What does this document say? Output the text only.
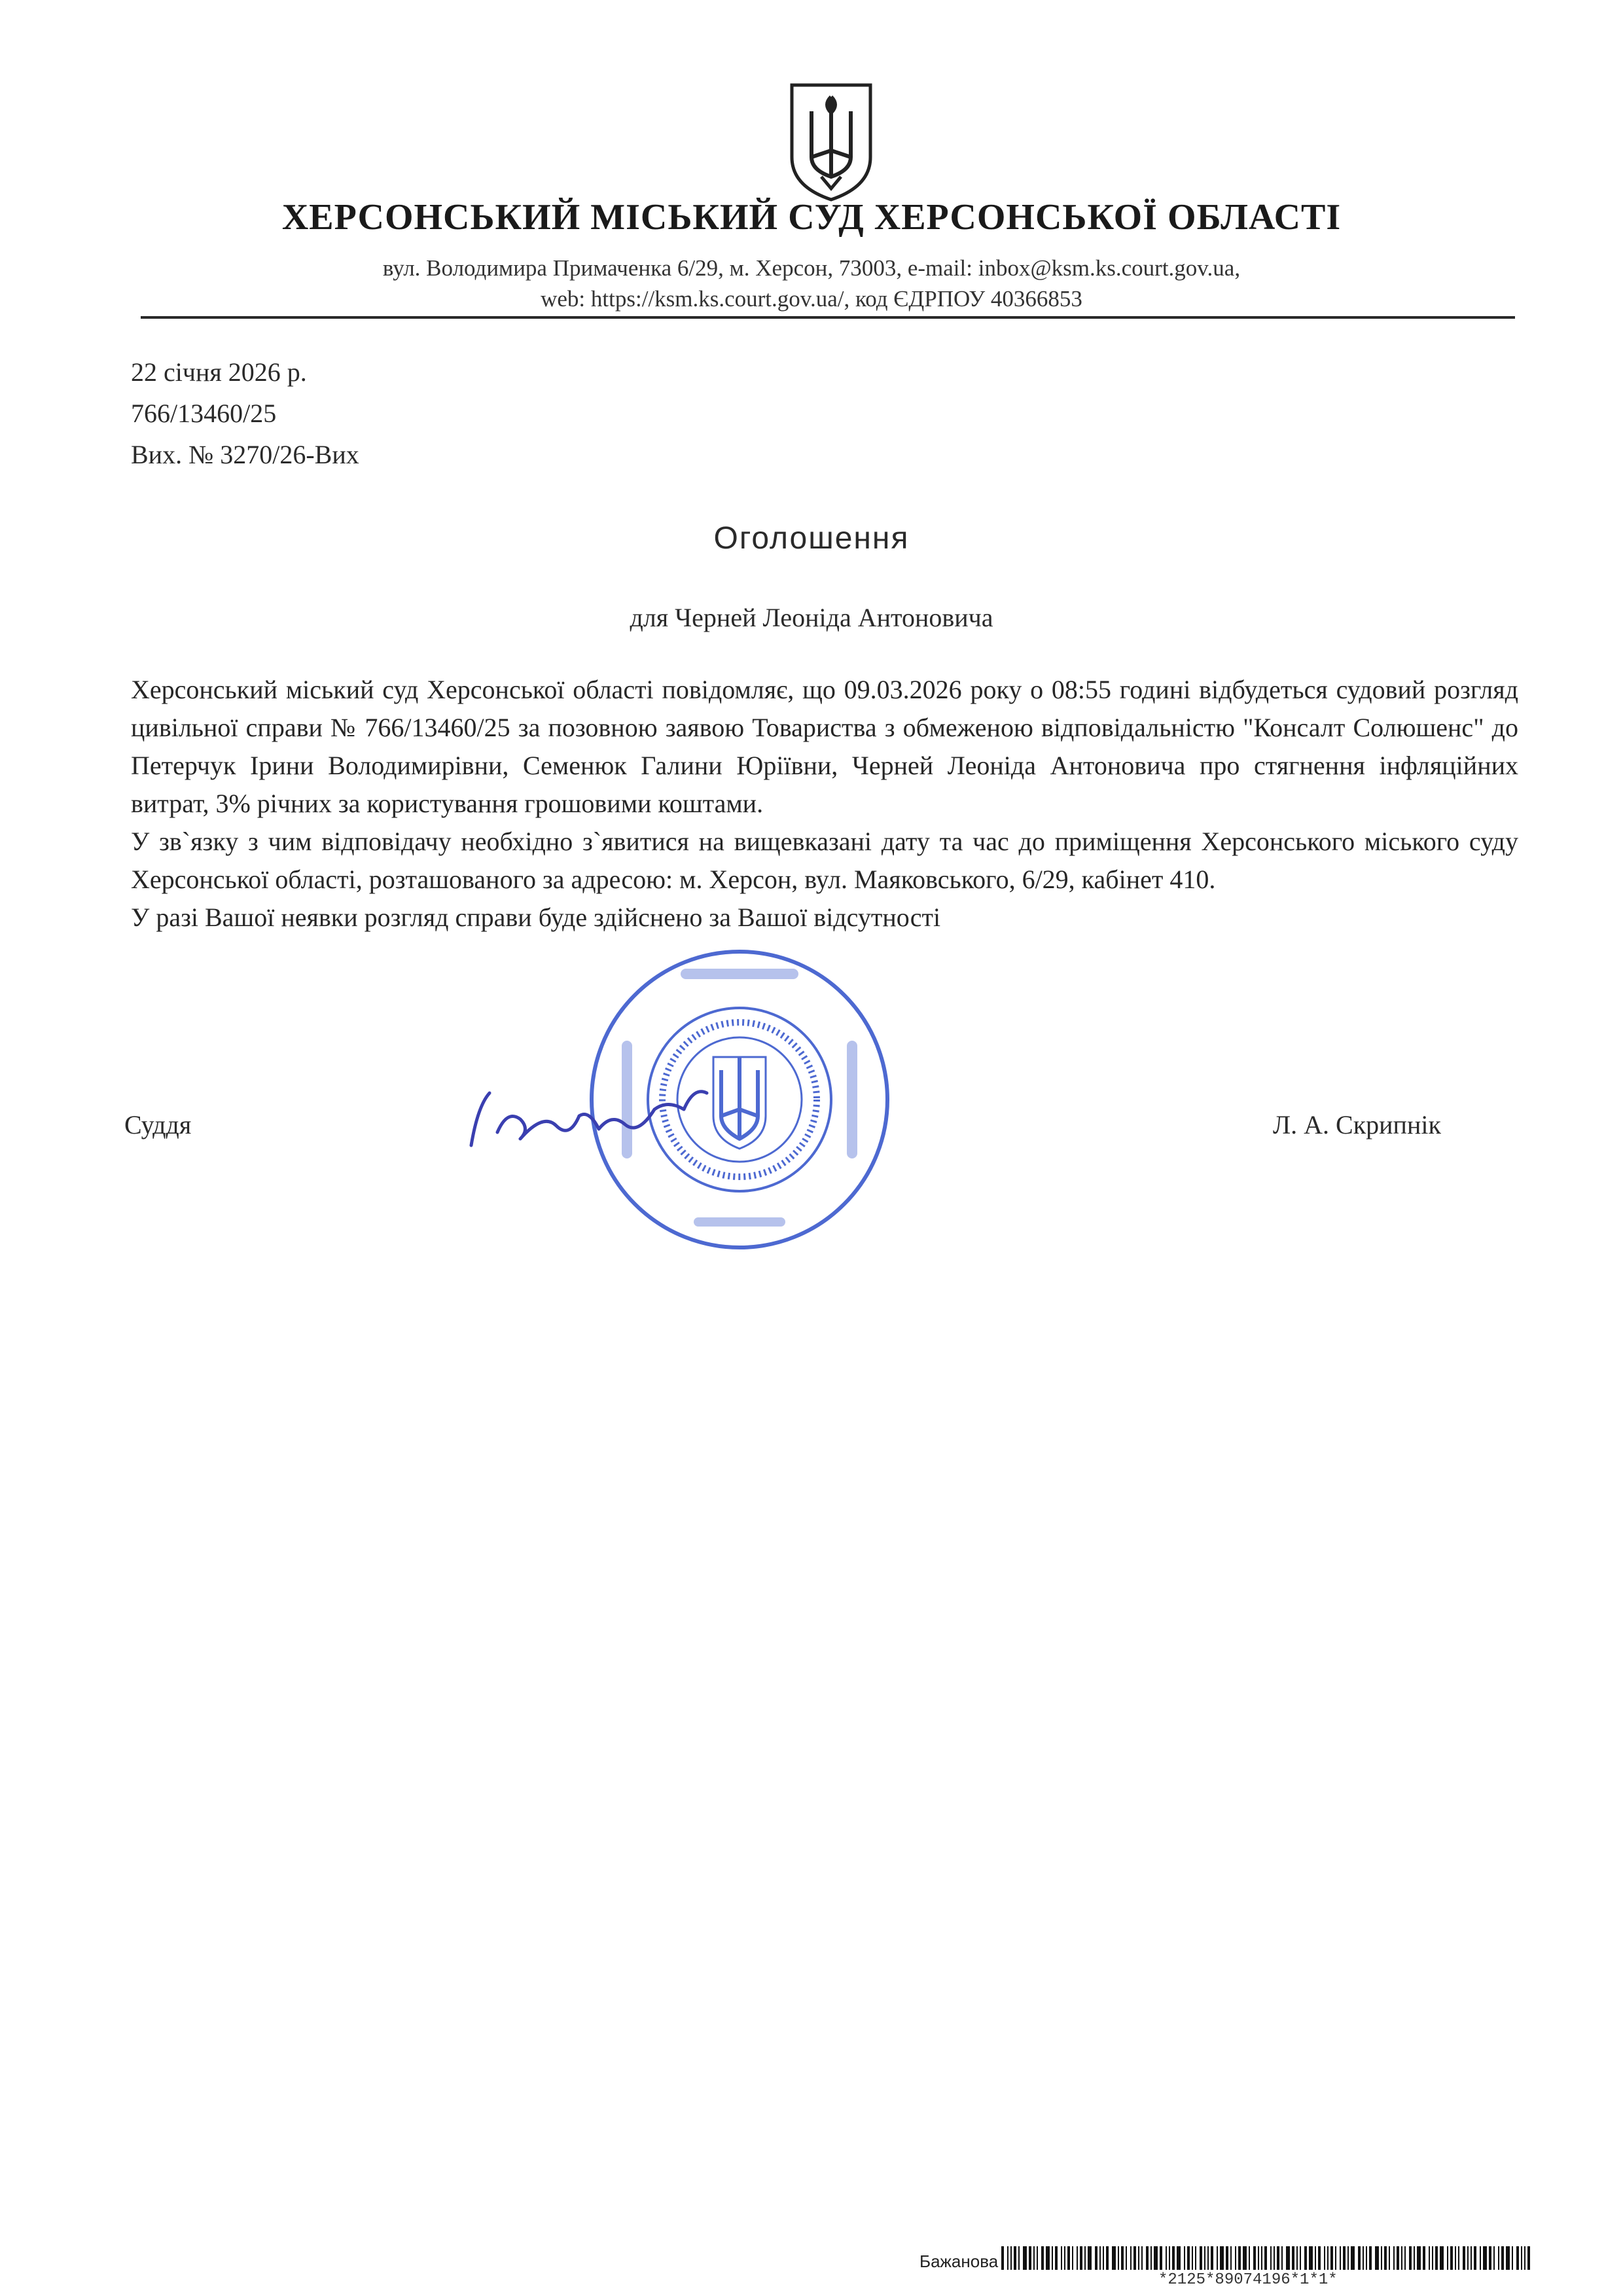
ХЕРСОНСЬКИЙ МІСЬКИЙ СУД ХЕРСОНСЬКОЇ ОБЛАСТІ
вул. Володимира Примаченка 6/29, м. Херсон, 73003, e-mail: inbox@ksm.ks.court.gov.ua,
web: https://ksm.ks.court.gov.ua/, код ЄДРПОУ 40366853
22 січня 2026 р.
766/13460/25
Вих. № 3270/26-Вих
Оголошення
для Черней Леоніда Антоновича

Херсонський міський суд Херсонської області повідомляє, що 09.03.2026 року о 08:55 годині відбудеться судовий розгляд цивільної справи № 766/13460/25 за позовною заявою Товариства з обмеженою відповідальністю "Консалт Солюшенс" до Петерчук Ірини Володимирівни, Семенюк Галини Юріївни, Черней Леоніда Антоновича про стягнення інфляційних витрат, 3% річних за користування грошовими коштами.

У зв`язку з чим відповідачу необхідно з`явитися на вищевказані дату та час до приміщення Херсонського міського суду Херсонської області, розташованого за адресою: м. Херсон, вул. Маяковського, 6/29, кабінет 410.

У разі Вашої неявки розгляд справи буде здійснено за Вашої відсутності

Суддя	Л. А. Скрипнік
Бажанова
*2125*89074196*1*1*
